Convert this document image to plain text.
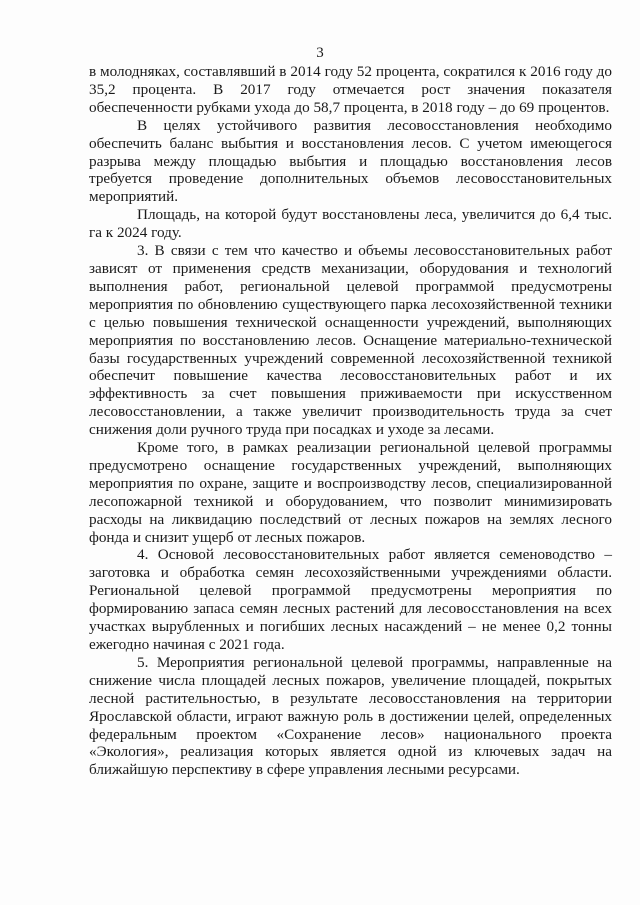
3

в молодняках, составлявший в 2014 году 52 процента, сократился к 2016 году до 35,2 процента. В 2017 году отмечается рост значения показателя обеспеченности рубками ухода до 58,7 процента, в 2018 году – до 69 процентов.

В целях устойчивого развития лесовосстановления необходимо обеспечить баланс выбытия и восстановления лесов. С учетом имеющегося разрыва между площадью выбытия и площадью восстановления лесов требуется проведение дополнительных объемов лесовосстановительных мероприятий.

Площадь, на которой будут восстановлены леса, увеличится до 6,4 тыс. га к 2024 году.

3. В связи с тем что качество и объемы лесовосстановительных работ зависят от применения средств механизации, оборудования и технологий выполнения работ, региональной целевой программой предусмотрены мероприятия по обновлению существующего парка лесохозяйственной техники с целью повышения технической оснащенности учреждений, выполняющих мероприятия по восстановлению лесов. Оснащение материально-технической базы государственных учреждений современной лесохозяйственной техникой обеспечит повышение качества лесовосстановительных работ и их эффективность за счет повышения приживаемости при искусственном лесовосстановлении, а также увеличит производительность труда за счет снижения доли ручного труда при посадках и уходе за лесами.

Кроме того, в рамках реализации региональной целевой программы предусмотрено оснащение государственных учреждений, выполняющих мероприятия по охране, защите и воспроизводству лесов, специализированной лесопожарной техникой и оборудованием, что позволит минимизировать расходы на ликвидацию последствий от лесных пожаров на землях лесного фонда и снизит ущерб от лесных пожаров.

4. Основой лесовосстановительных работ является семеноводство – заготовка и обработка семян лесохозяйственными учреждениями области. Региональной целевой программой предусмотрены мероприятия по формированию запаса семян лесных растений для лесовосстановления на всех участках вырубленных и погибших лесных насаждений – не менее 0,2 тонны ежегодно начиная с 2021 года.

5. Мероприятия региональной целевой программы, направленные на снижение числа площадей лесных пожаров, увеличение площадей, покрытых лесной растительностью, в результате лесовосстановления на территории Ярославской области, играют важную роль в достижении целей, определенных федеральным проектом «Сохранение лесов» национального проекта «Экология», реализация которых является одной из ключевых задач на ближайшую перспективу в сфере управления лесными ресурсами.
